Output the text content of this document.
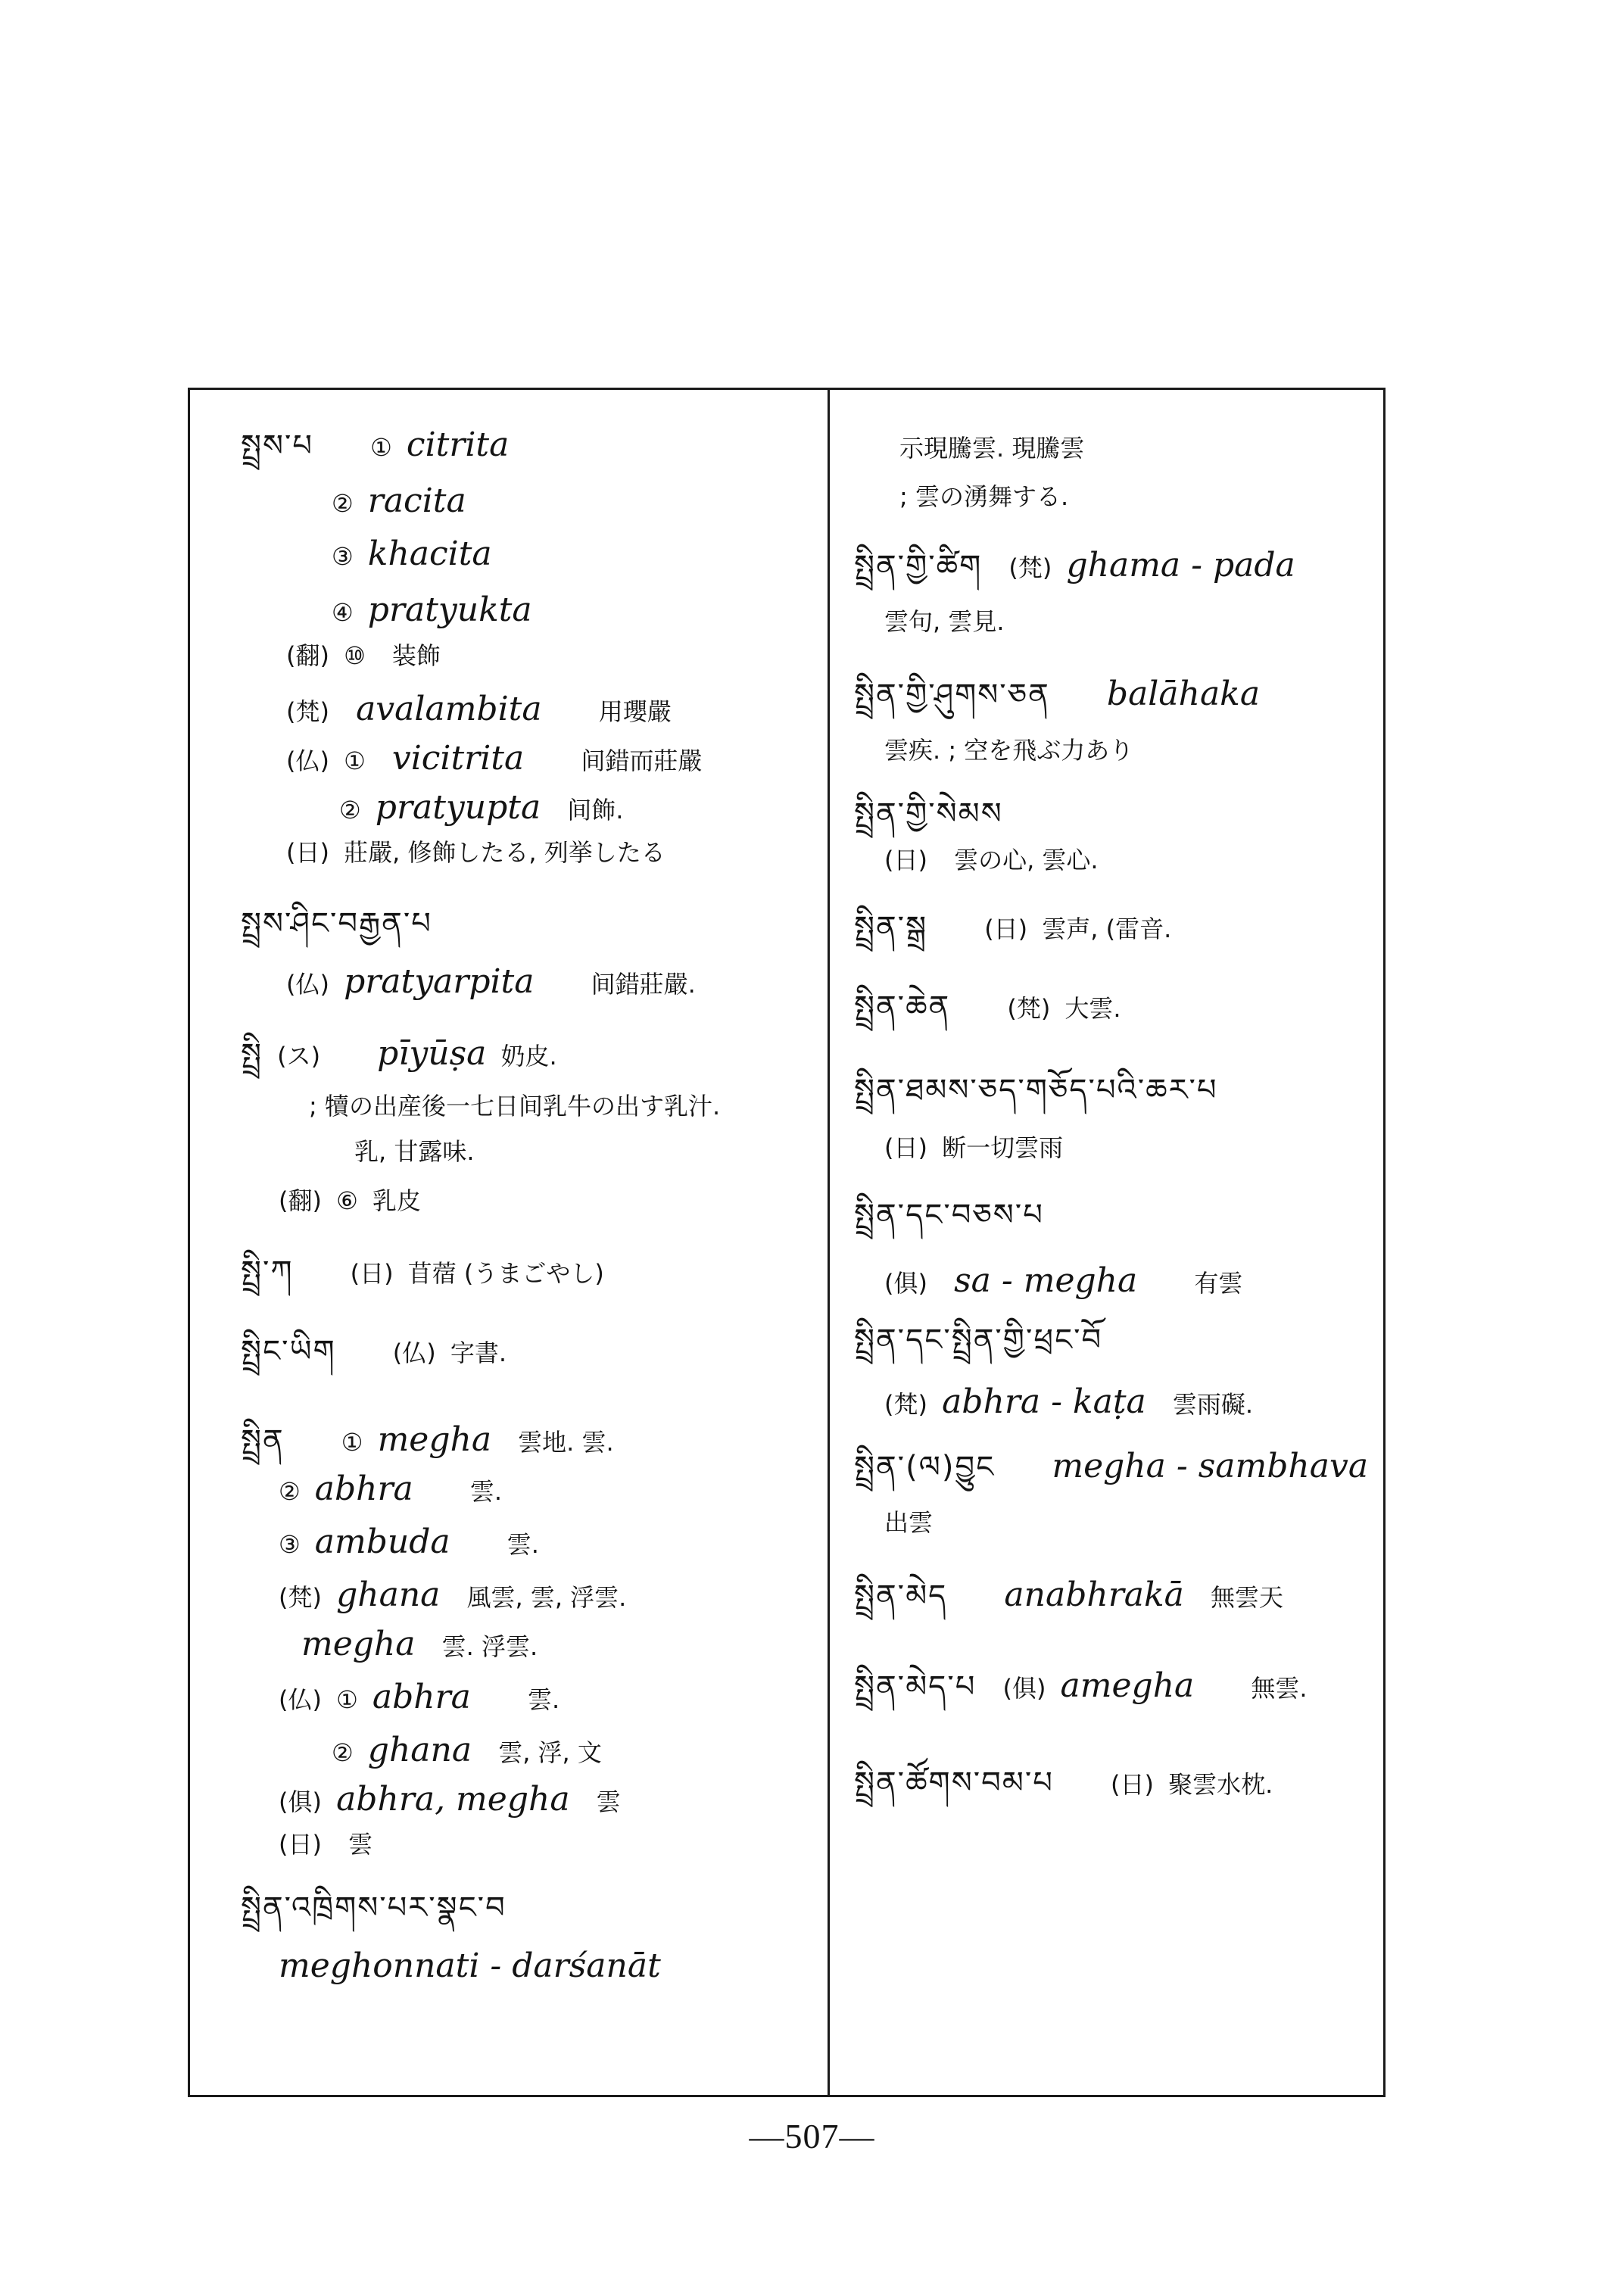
སྤྲས་པ ① citrita
② racita
③ khacita
④ pratyukta
(翻) ⑩ 装飾
(梵) avalambita 用瓔嚴
(仏) ① vicitrita 间錯而莊嚴
② pratyupta 间飾.
(日) 莊嚴, 修飾したる, 列挙したる
སྤྲས་ཤིང་བརྒྱན་པ
(仏) pratyarpita 间錯莊嚴.
སྤྲི (ス) pīyūṣa 奶皮.
; 犢の出産後一七日间乳牛の出す乳汁.
乳, 甘露味.
(翻) ⑥ 乳皮
སྤྲི་ཀ (日) 苜蓿 (うまごやし)
སྤྲིང་ཡིག (仏) 字書.
སྤྲིན ① megha 雲地. 雲.
② abhra 雲.
③ ambuda 雲.
(梵) ghana 風雲, 雲, 浮雲.
megha 雲. 浮雲.
(仏) ① abhra 雲.
② ghana 雲, 浮, 文
(俱) abhra, megha 雲
(日) 雲
སྤྲིན་འཁྲིགས་པར་སྣང་བ
meghonnati - darśanāt
示現騰雲. 現騰雲
; 雲の湧舞する.
སྤྲིན་གྱི་ཚིག (梵) ghama - pada
雲句, 雲見.
སྤྲིན་གྱི་ཤུགས་ཅན balāhaka
雲疾. ; 空を飛ぶ力あり
སྤྲིན་གྱི་སེམས
(日) 雲の心, 雲心.
སྤྲིན་སྒྲ (日) 雲声, (雷音.
སྤྲིན་ཆེན (梵) 大雲.
སྤྲིན་ཐམས་ཅད་གཅོད་པའི་ཆར་པ
(日) 断一切雲雨
སྤྲིན་དང་བཅས་པ
(俱) sa - megha 有雲
སྤྲིན་དང་སྤྲིན་གྱི་ཕྲང་བོ
(梵) abhra - kaṭa 雲雨礙.
སྤྲིན་(ལ)བྱུང megha - sambhava
出雲
སྤྲིན་མེད anabhrakā 無雲天
སྤྲིན་མེད་པ (俱) amegha 無雲.
སྤྲིན་ཚོགས་བམ་པ (日) 聚雲水枕.
—507—
